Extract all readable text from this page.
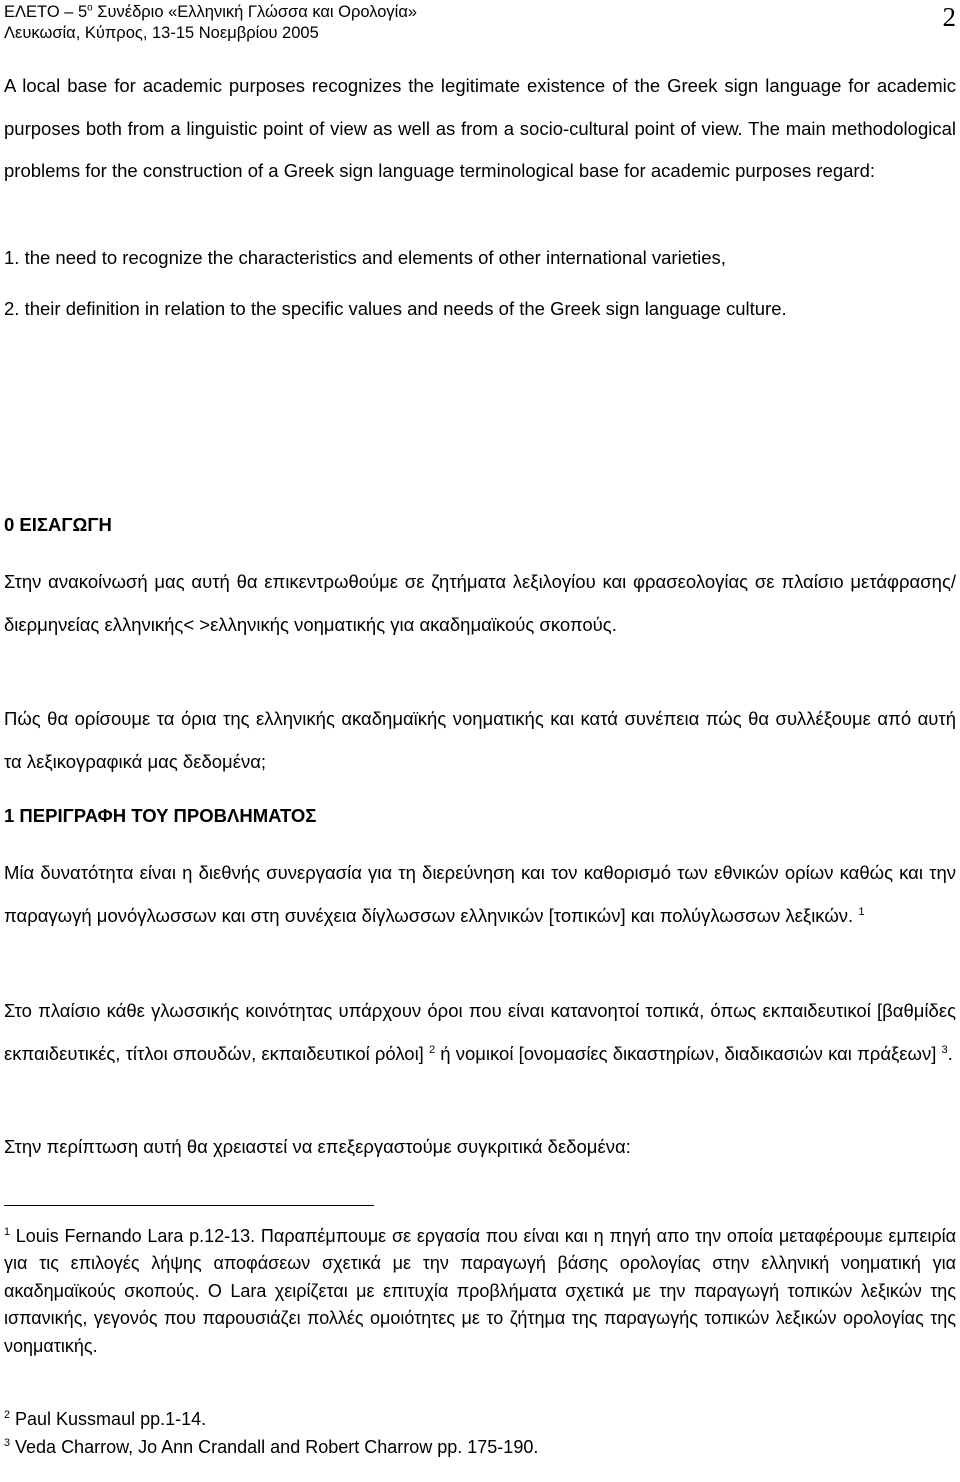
ΕΛΕΤΟ – $5^o$ Συνέδριο «Ελληνική Γλώσσα και Ορολογία»
Λευκωσία, Κύπρος, 13-15 Νοεμβρίου 2005
2

A local base for academic purposes recognizes the legitimate existence of the Greek sign language for academic purposes both from a linguistic point of view as well as from a socio-cultural point of view. The main methodological problems for the construction of a Greek sign language terminological base for academic purposes regard:

1. the need to recognize the characteristics and elements of other international varieties,

2. their definition in relation to the specific values and needs of the Greek sign language culture.

0 ΕΙΣΑΓΩΓΗ

Στην ανακοίνωσή μας αυτή θα επικεντρωθούμε σε ζητήματα λεξιλογίου και φρασεολογίας σε πλαίσιο μετάφρασης/διερμηνείας ελληνικής< >ελληνικής νοηματικής για ακαδημαϊκούς σκοπούς.

Πώς θα ορίσουμε τα όρια της ελληνικής ακαδημαϊκής νοηματικής και κατά συνέπεια πώς θα συλλέξουμε από αυτή τα λεξικογραφικά μας δεδομένα;

1 ΠΕΡΙΓΡΑΦΗ ΤΟΥ ΠΡΟΒΛΗΜΑΤΟΣ

Μία δυνατότητα είναι η διεθνής συνεργασία για τη διερεύνηση και τον καθορισμό των εθνικών ορίων καθώς και την παραγωγή μονόγλωσσων και στη συνέχεια δίγλωσσων ελληνικών [τοπικών] και πολύγλωσσων λεξικών. $^1$

Στο πλαίσιο κάθε γλωσσικής κοινότητας υπάρχουν όροι που είναι κατανοητοί τοπικά, όπως εκπαιδευτικοί [βαθμίδες εκπαιδευτικές, τίτλοι σπουδών, εκπαιδευτικοί ρόλοι] $^2$ ή νομικοί [ονομασίες δικαστηρίων, διαδικασιών και πράξεων] $^3$.

Στην περίπτωση αυτή θα χρειαστεί να επεξεργαστούμε συγκριτικά δεδομένα:

$^1$ Louis Fernando Lara p.12-13. Παραπέμπουμε σε εργασία που είναι και η πηγή απο την οποία μεταφέρουμε εμπειρία για τις επιλογές λήψης αποφάσεων σχετικά με την παραγωγή βάσης ορολογίας στην ελληνική νοηματική για ακαδημαϊκούς σκοπούς. Ο Lara χειρίζεται με επιτυχία προβλήματα σχετικά με την παραγωγή τοπικών λεξικών της ισπανικής, γεγονός που παρουσιάζει πολλές ομοιότητες με το ζήτημα της παραγωγής τοπικών λεξικών ορολογίας της νοηματικής.

$^2$ Paul Kussmaul pp.1-14.

$^3$ Veda Charrow, Jo Ann Crandall and Robert Charrow pp. 175-190.
